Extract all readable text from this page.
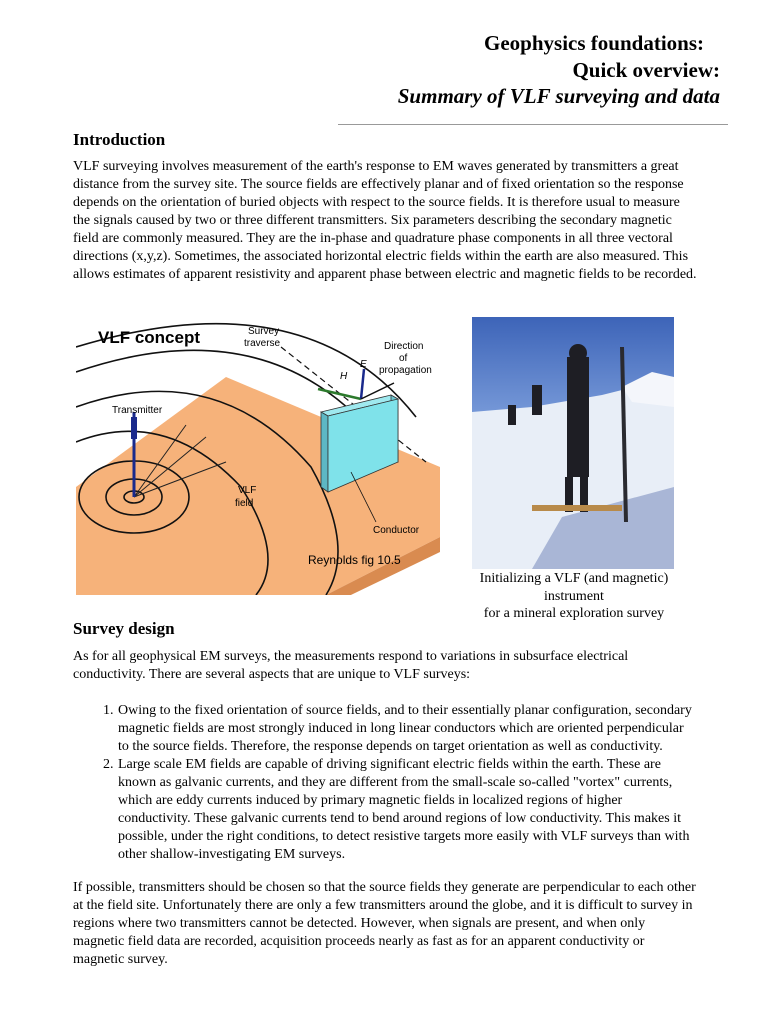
Geophysics foundations:
Quick overview:
Summary of VLF surveying and data
Introduction

VLF surveying involves measurement of the earth's response to EM waves generated by transmitters a great distance from the survey site. The source fields are effectively planar and of fixed orientation so the response depends on the orientation of buried objects with respect to the source fields. It is therefore usual to measure the signals caused by two or three different transmitters. Six parameters describing the secondary magnetic field are commonly measured. They are the in-phase and quadrature phase components in all three vectoral directions (x,y,z). Sometimes, the associated horizontal electric fields within the earth are also measured. This allows estimates of apparent resistivity and apparent phase between electric and magnetic fields to be recorded.

Transmitter
VLF concept	Survey
traverse	Direction
of
propagation
Conductor
H
E
VLF
field
Reynolds fig 10.5
Initializing a VLF (and magnetic)
instrument
for a mineral exploration survey
Survey design

As for all geophysical EM surveys, the measurements respond to variations in subsurface electrical conductivity. There are several aspects that are unique to VLF surveys:

1. Owing to the fixed orientation of source fields, and to their essentially planar configuration, secondary magnetic fields are most strongly induced in long linear conductors which are oriented perpendicular to the source fields. Therefore, the response depends on target orientation as well as conductivity.
2. Large scale EM fields are capable of driving significant electric fields within the earth. These are known as galvanic currents, and they are different from the small-scale so-called "vortex" currents, which are eddy currents induced by primary magnetic fields in localized regions of higher conductivity. These galvanic currents tend to bend around regions of low conductivity. This makes it possible, under the right conditions, to detect resistive targets more easily with VLF surveys than with other shallow-investigating EM surveys.

If possible, transmitters should be chosen so that the source fields they generate are perpendicular to each other at the field site. Unfortunately there are only a few transmitters around the globe, and it is difficult to survey in regions where two transmitters cannot be detected. However, when signals are present, and when only magnetic field data are recorded, acquisition proceeds nearly as fast as for an apparent conductivity or magnetic survey.
